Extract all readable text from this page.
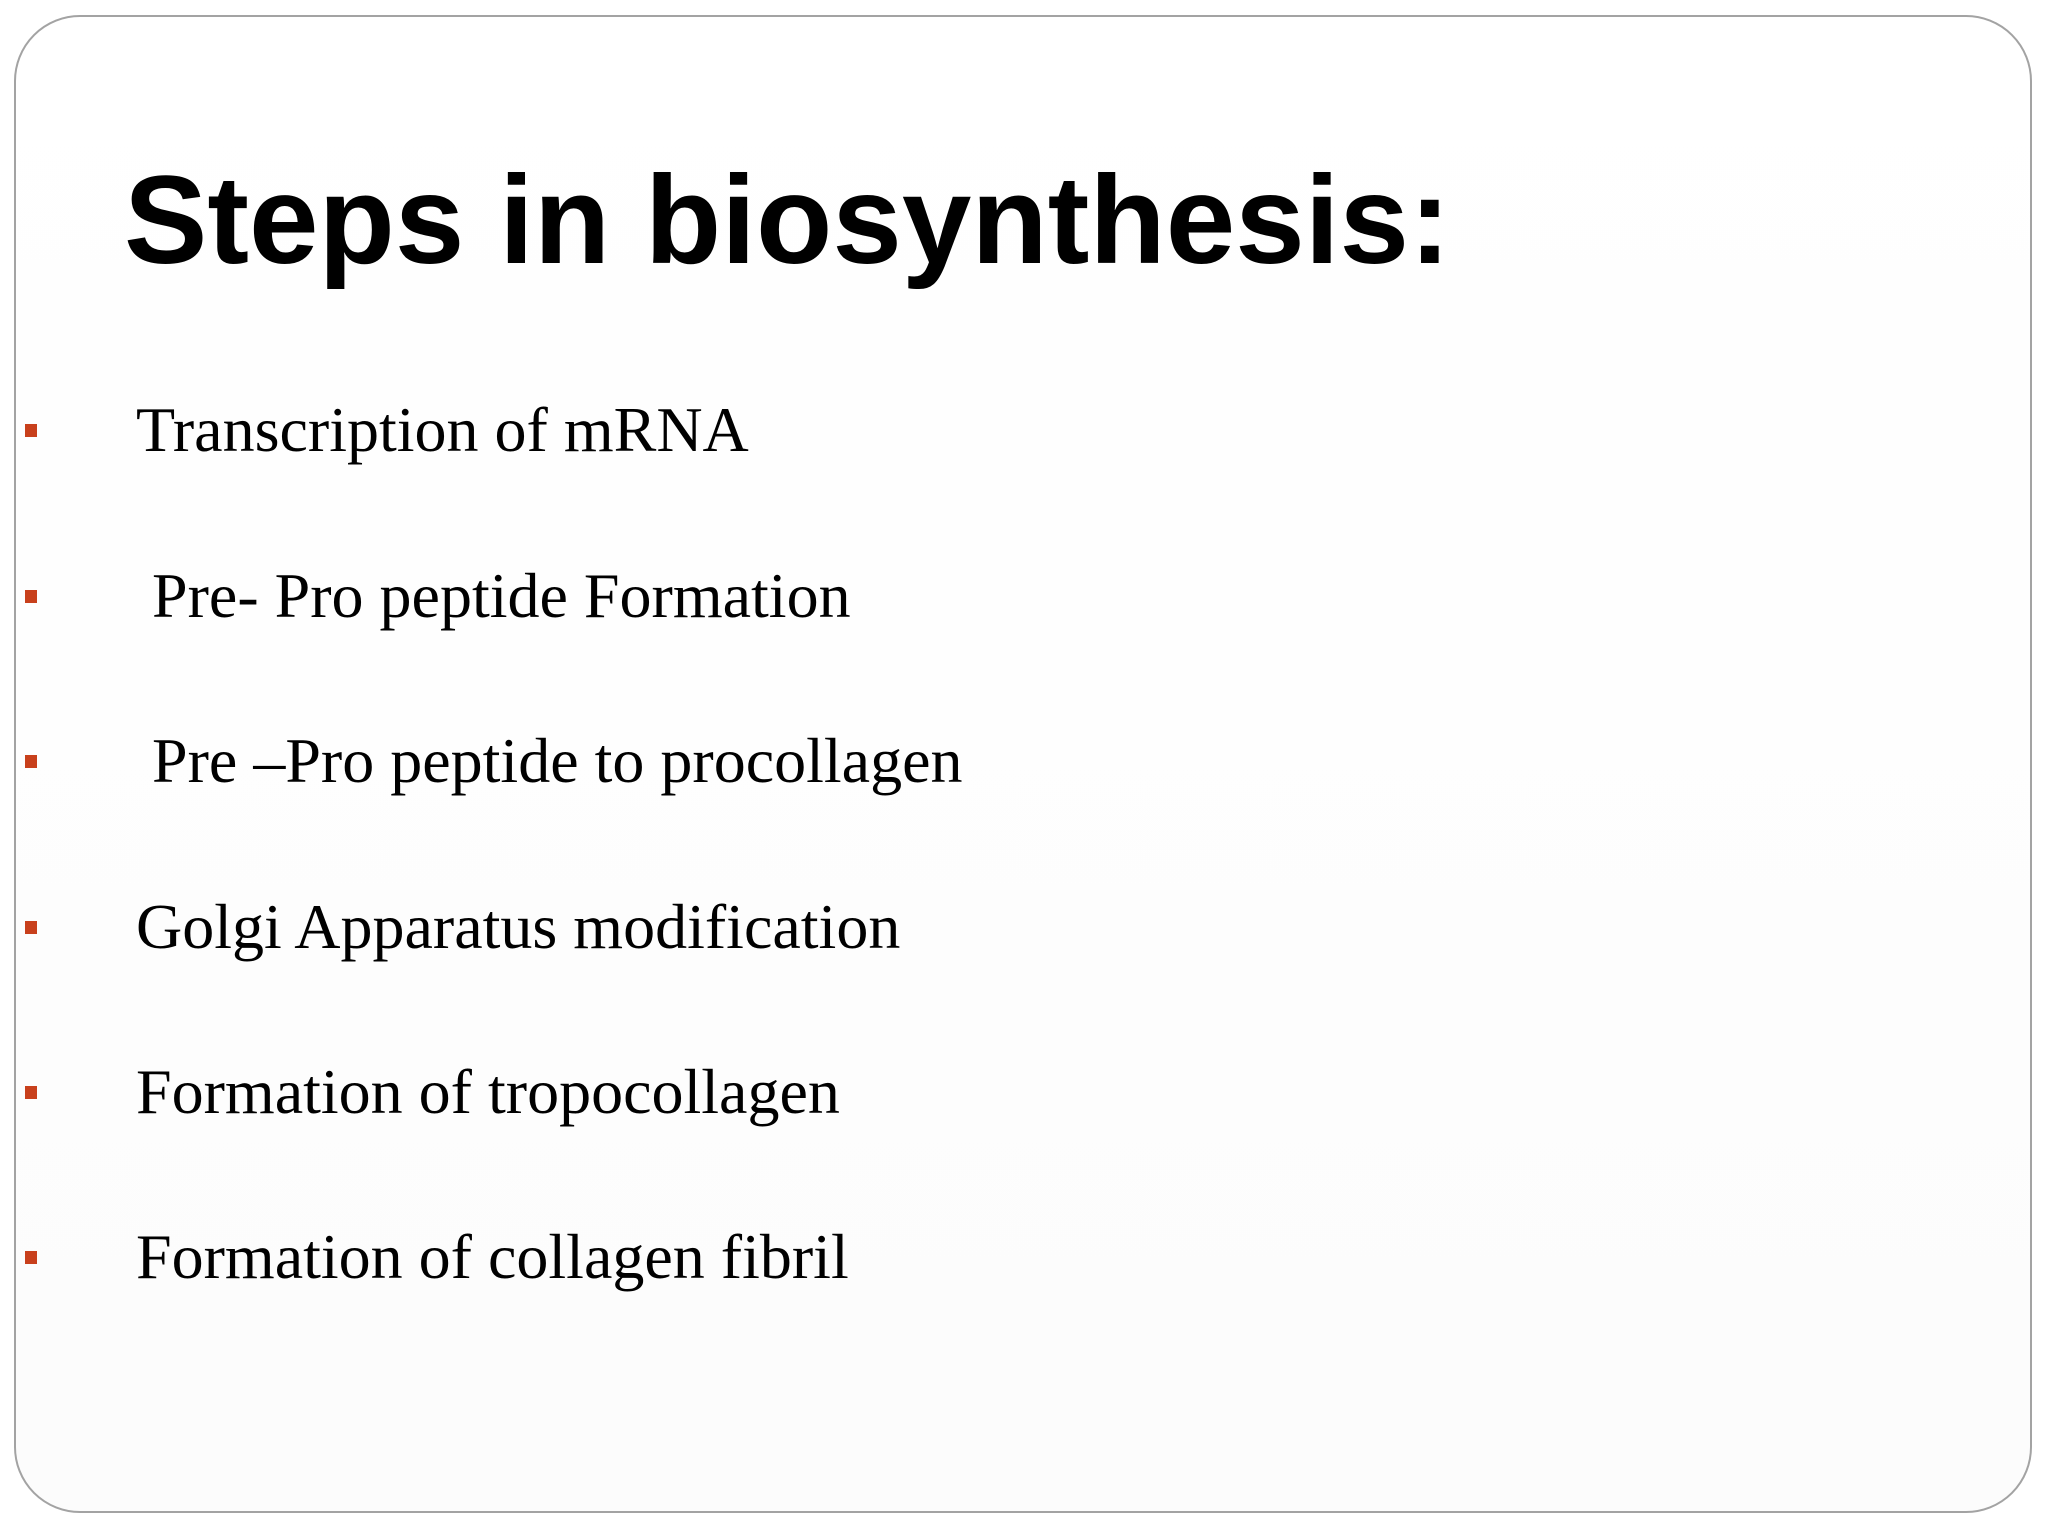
Steps in biosynthesis:
Transcription of mRNA
Pre- Pro peptide Formation
Pre –Pro peptide to procollagen
Golgi Apparatus modification
Formation of tropocollagen
Formation of collagen fibril
